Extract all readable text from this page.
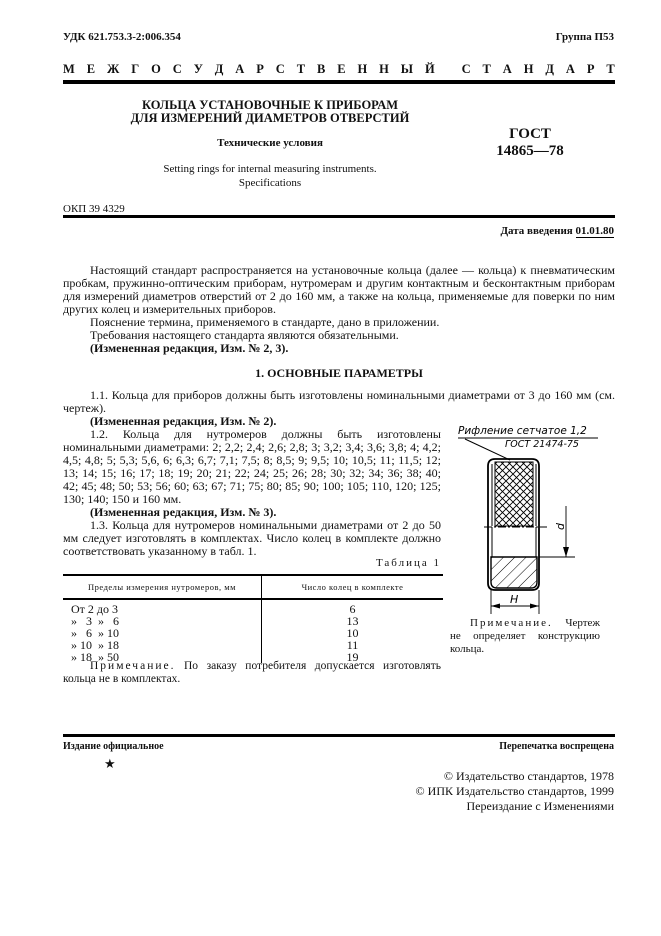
УДК 621.753.3-2:006.354	Группа П53
М Е Ж Г О С У Д А Р С Т В Е Н Н Ы Й
С Т А Н Д А Р Т
КОЛЬЦА УСТАНОВОЧНЫЕ К ПРИБОРАМ
ДЛЯ ИЗМЕРЕНИЙ ДИАМЕТРОВ ОТВЕРСТИЙ
Технические условия
ГОСТ
14865—78
Setting rings for internal measuring instruments.
Specifications
ОКП 39 4329
Дата введения 01.01.80
Настоящий стандарт распространяется на установочные кольца (далее — кольца) к пневматическим пробкам, пружинно-оптическим приборам, нутромерам и другим контактным и бесконтактным приборам для измерений диаметров отверстий от 2 до 160 мм, а также на кольца, применяемые для поверки по ним других колец и измерительных приборов.
Пояснение термина, применяемого в стандарте, дано в приложении.
Требования настоящего стандарта являются обязательными.
(Измененная редакция, Изм. № 2, 3).
1. ОСНОВНЫЕ ПАРАМЕТРЫ
1.1. Кольца для приборов должны быть изготовлены номинальными диаметрами от 3 до 160 мм (см. чертеж).
(Измененная редакция, Изм. № 2).
1.2. Кольца для нутромеров должны быть изготовлены номинальными диаметрами: 2; 2,2; 2,4; 2,6; 2,8; 3; 3,2; 3,4; 3,6; 3,8; 4; 4,2; 4,5; 4,8; 5; 5,3; 5,6, 6; 6,3; 6,7; 7,1; 7,5; 8; 8,5; 9; 9,5; 10; 10,5; 11; 11,5; 12; 13; 14; 15; 16; 17; 18; 19; 20; 21; 22; 24; 25; 26; 28; 30; 32; 34; 36; 38; 40; 42; 45; 48; 50; 53; 56; 60; 63; 67; 71; 75; 80; 85; 90; 100; 105; 110, 120; 125; 130; 140; 150 и 160 мм.
(Измененная редакция, Изм. № 3).
1.3. Кольца для нутромеров номинальными диаметрами от 2 до 50 мм следует изготовлять в комплектах. Число колец в комплекте должно соответствовать указанному в табл. 1.
Таблица 1
Пределы измерения нутромеров, мм	Число колец в комплекте
От 2 до 3	6
»   3  »   6	13
»   6  » 10	10
» 10  » 18	11
» 18  » 50	19
Примечание. По заказу потребителя допускается изготовлять кольца не в комплектах.
Рифление сетчатое 1,2
ГОСТ 21474-75
d
H
Примечание. Чертеж не определяет конструкцию кольца.
Издание официальное	Перепечатка воспрещена
★
© Издательство стандартов, 1978
© ИПК Издательство стандартов, 1999
Переиздание с Изменениями
